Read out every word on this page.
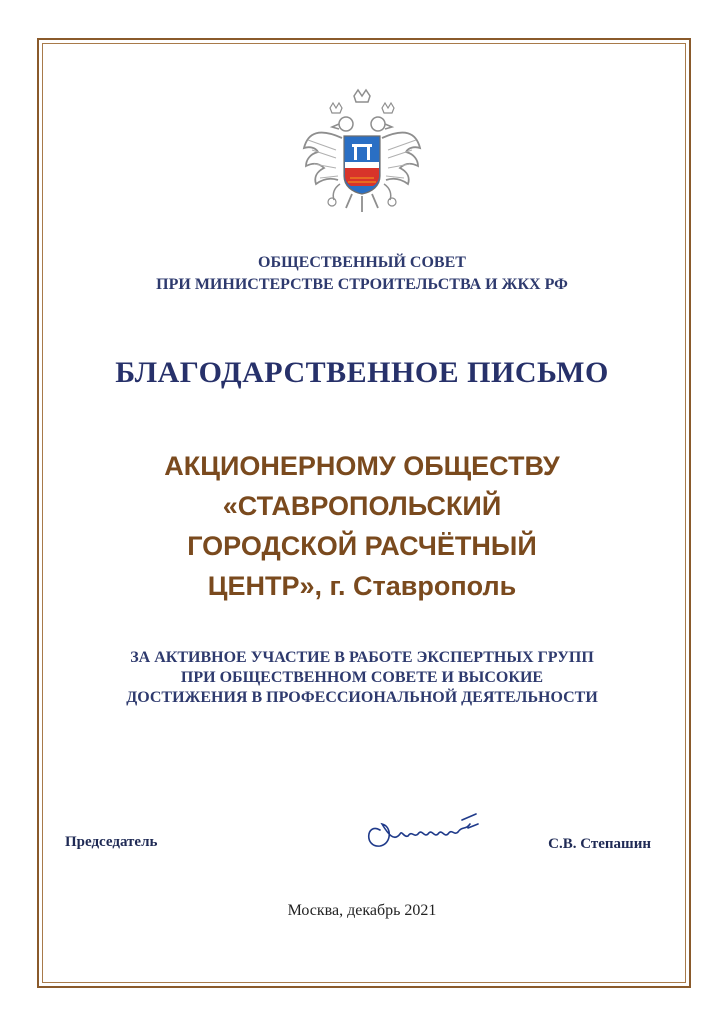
ОБЩЕСТВЕННЫЙ СОВЕТ
ПРИ МИНИСТЕРСТВЕ СТРОИТЕЛЬСТВА И ЖКХ РФ
БЛАГОДАРСТВЕННОЕ ПИСЬМО
АКЦИОНЕРНОМУ ОБЩЕСТВУ
«СТАВРОПОЛЬСКИЙ
ГОРОДСКОЙ РАСЧЁТНЫЙ
ЦЕНТР», г. Ставрополь
ЗА АКТИВНОЕ УЧАСТИЕ В РАБОТЕ ЭКСПЕРТНЫХ ГРУПП
ПРИ ОБЩЕСТВЕННОМ СОВЕТЕ И ВЫСОКИЕ
ДОСТИЖЕНИЯ В ПРОФЕССИОНАЛЬНОЙ ДЕЯТЕЛЬНОСТИ
Председатель	С.В. Степашин
Москва, декабрь 2021
